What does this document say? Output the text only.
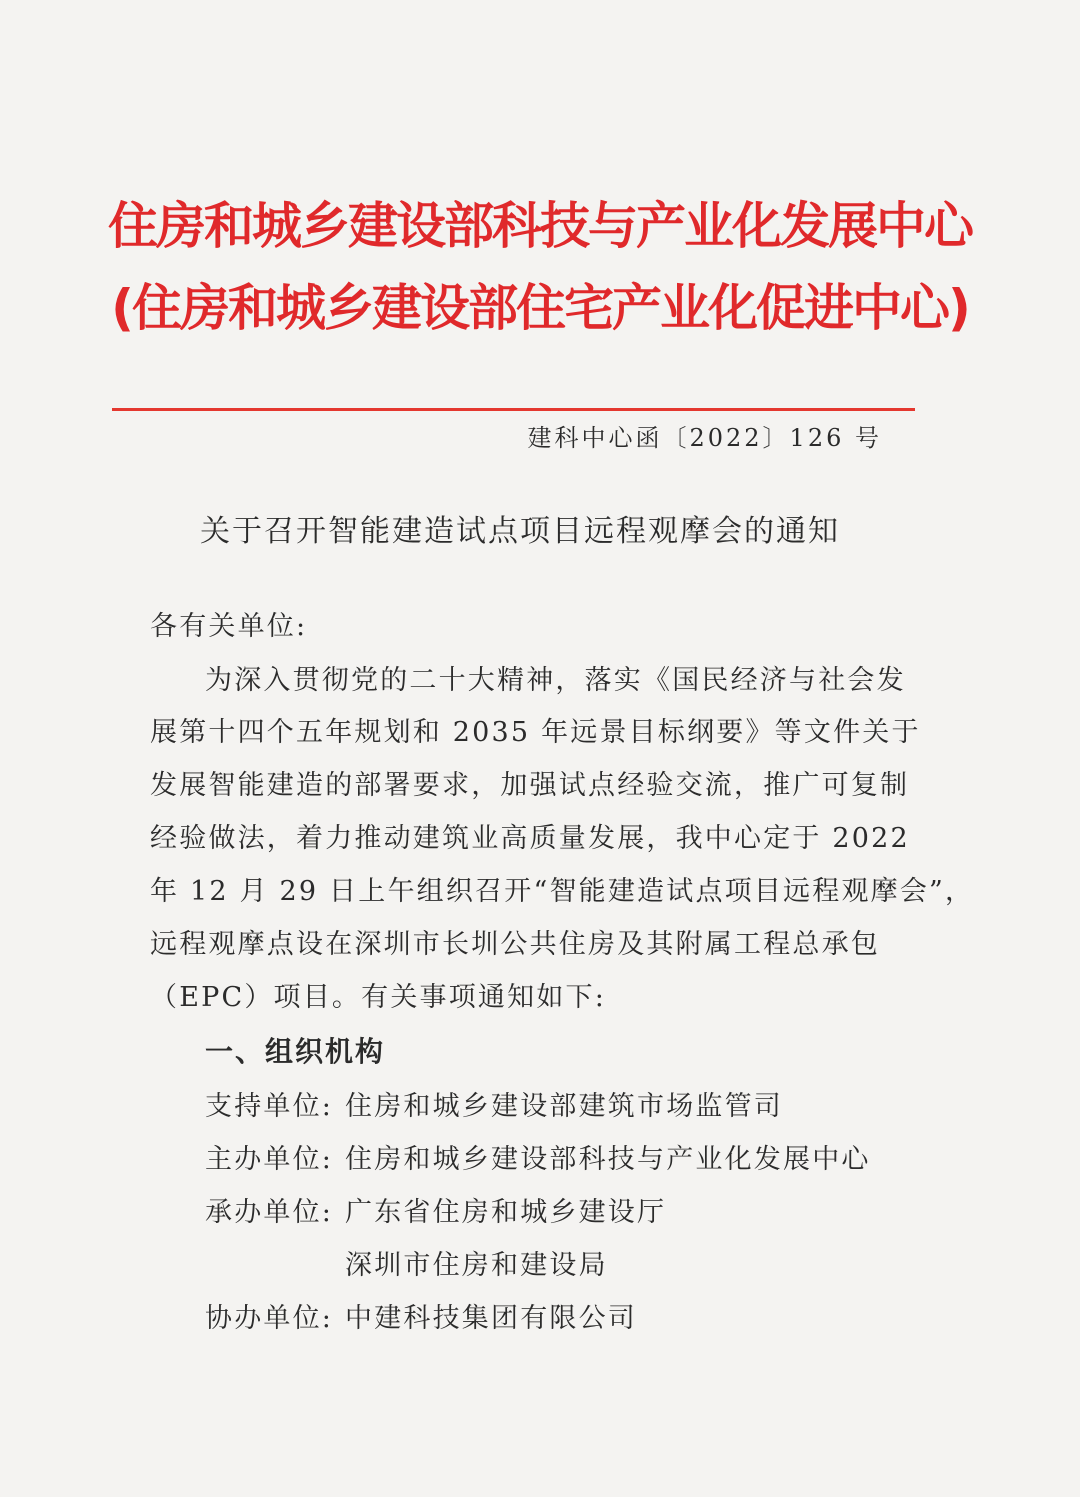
住房和城乡建设部科技与产业化发展中心
(住房和城乡建设部住宅产业化促进中心)
建科中心函〔2022〕126 号
关于召开智能建造试点项目远程观摩会的通知
各有关单位:
为深入贯彻党的二十大精神，落实《国民经济与社会发
展第十四个五年规划和 2035 年远景目标纲要》等文件关于
发展智能建造的部署要求，加强试点经验交流，推广可复制
经验做法，着力推动建筑业高质量发展，我中心定于 2022
年 12 月 29 日上午组织召开“智能建造试点项目远程观摩会”，
远程观摩点设在深圳市长圳公共住房及其附属工程总承包
（EPC）项目。有关事项通知如下:
一、组织机构
支持单位: 住房和城乡建设部建筑市场监管司
主办单位: 住房和城乡建设部科技与产业化发展中心
承办单位: 广东省住房和城乡建设厅
深圳市住房和建设局
协办单位: 中建科技集团有限公司
